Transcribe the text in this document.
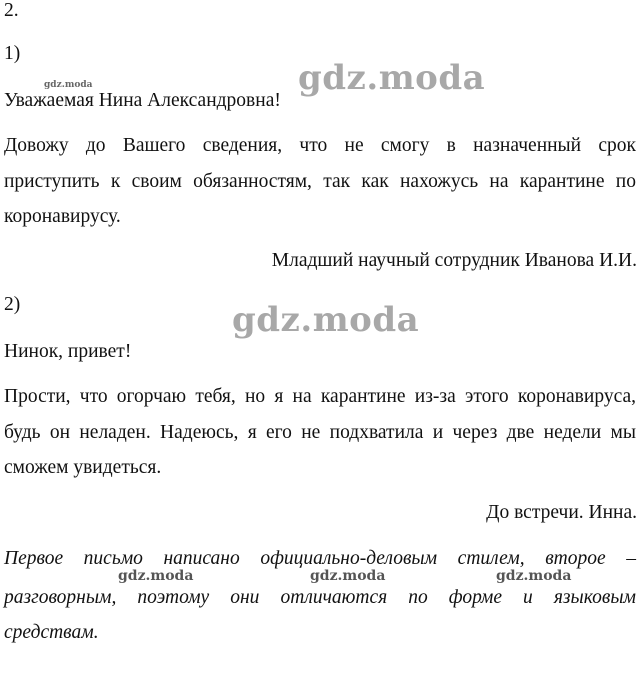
2.
1)
gdz.moda	gdz.moda
Уважаемая Нина Александровна!
Довожу до Вашего сведения, что не смогу в назначенный срок
приступить к своим обязанностям, так как нахожусь на карантине по
коронавирусу.
Младший научный сотрудник Иванова И.И.
2)	gdz.moda
Нинок, привет!
Прости, что огорчаю тебя, но я на карантине из-за этого коронавируса,
будь он неладен. Надеюсь, я его не подхватила и через две недели мы
сможем увидеться.
До встречи. Инна.
Первое письмо написано официально-деловым стилем, второе –
gdz.moda	gdz.moda	gdz.moda
разговорным, поэтому они отличаются по форме и языковым
средствам.
